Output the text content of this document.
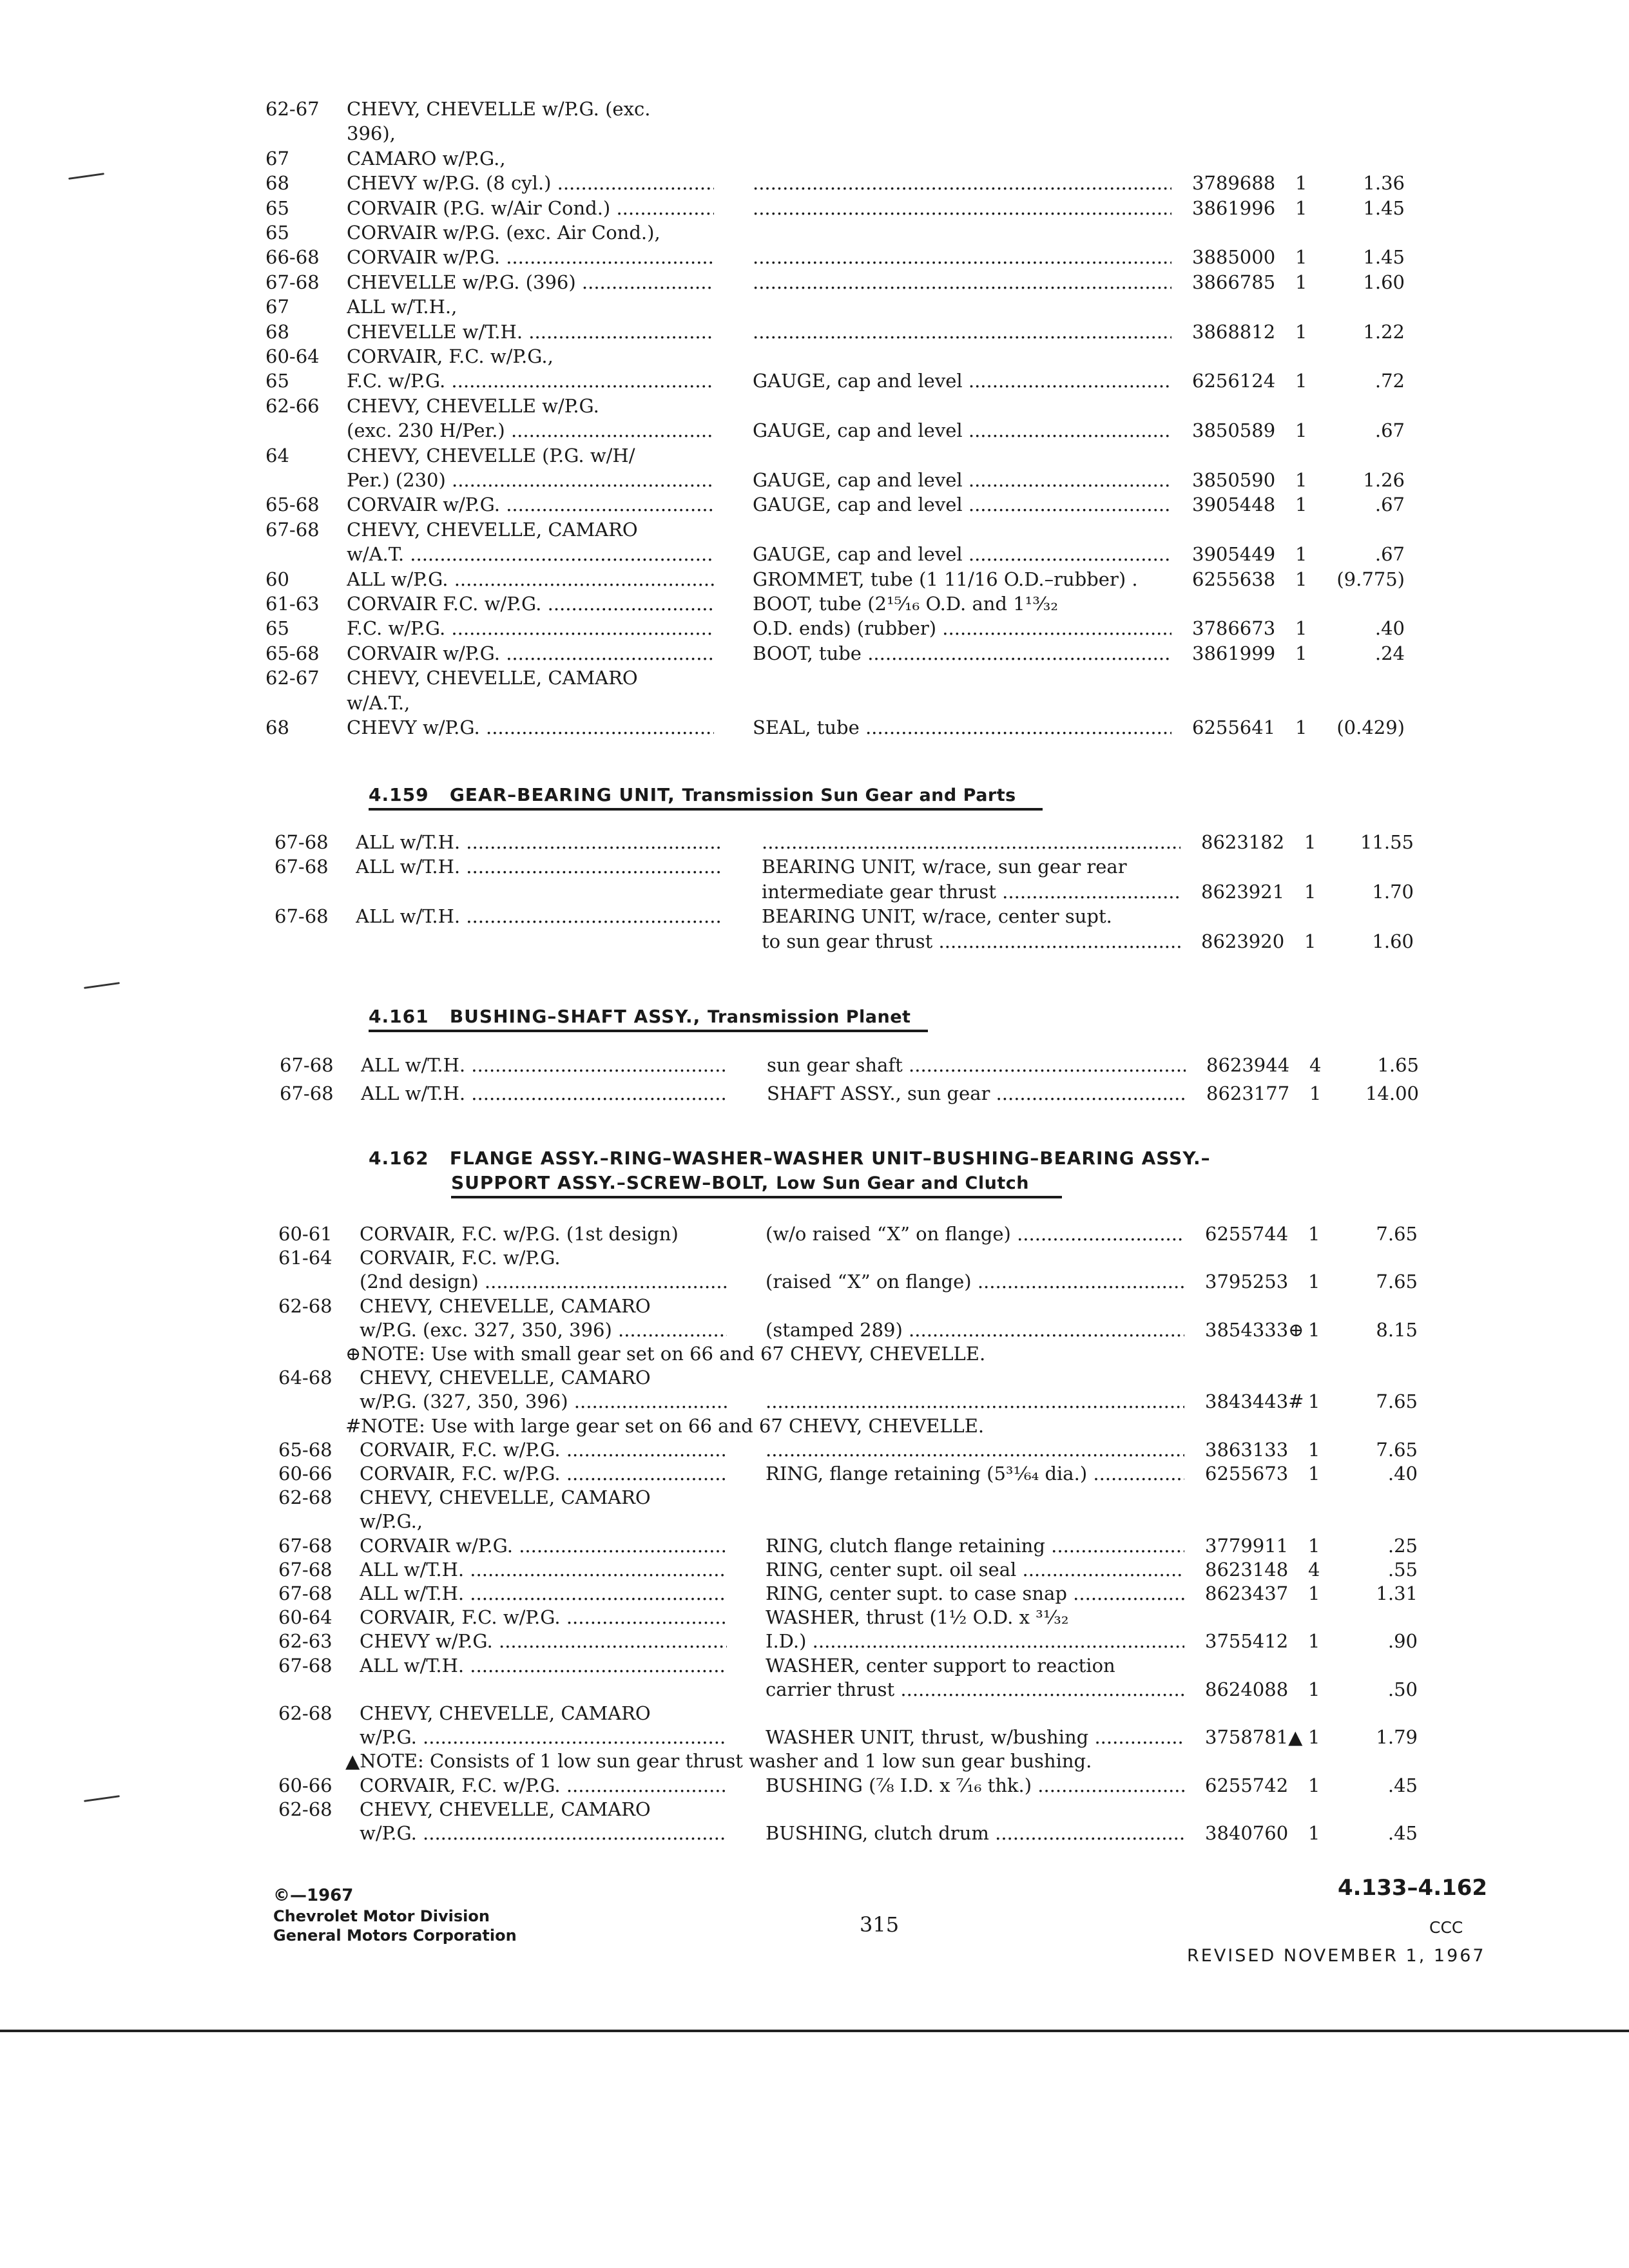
62-67 CHEVY, CHEVELLE w/P.G. (exc.
396),
67	CAMARO w/P.G.,
68	CHEVY w/P.G. (8 cyl.) ..... .....	3789688 1	1.36
65	CORVAIR (P.G. w/Air Cond.) ..... .....	3861996 1	1.45
65	CORVAIR w/P.G. (exc. Air Cond.),
66-68 CORVAIR w/P.G. ..... .....	3885000 1	1.45
67-68 CHEVELLE w/P.G. (396) ..... .....	3866785 1	1.60
67	ALL w/T.H.,
68	CHEVELLE w/T.H. ..... .....	3868812 1	1.22
60-64 CORVAIR, F.C. w/P.G.,
65	F.C. w/P.G. .....	GAUGE, cap and level .....	6256124 1	.72
62-66 CHEVY, CHEVELLE w/P.G.
(exc. 230 H/Per.) .....	GAUGE, cap and level .....	3850589 1	.67
64	CHEVY, CHEVELLE (P.G. w/H/
Per.) (230) .....	GAUGE, cap and level .....	3850590 1	1.26
65-68 CORVAIR w/P.G. .....	GAUGE, cap and level .....	3905448 1	.67
67-68 CHEVY, CHEVELLE, CAMARO
w/A.T. .....	GAUGE, cap and level .....	3905449 1	.67
60	ALL w/P.G. .....	GROMMET, tube (1 11/16 O.D.–rubber) .	6255638 1	(9.775)
61-63 CORVAIR F.C. w/P.G. .....	BOOT, tube (2¹⁵⁄₁₆ O.D. and 1¹³⁄₃₂
65	F.C. w/P.G. .....	O.D. ends) (rubber) .....	3786673 1	.40
65-68 CORVAIR w/P.G. .....	BOOT, tube .....	3861999 1	.24
62-67 CHEVY, CHEVELLE, CAMARO
w/A.T.,
68	CHEVY w/P.G. .....	SEAL, tube .....	6255641 1	(0.429)
4.159 GEAR–BEARING UNIT, Transmission Sun Gear and Parts
67-68 ALL w/T.H. ..... .....	8623182 1	11.55
67-68 ALL w/T.H. .....	BEARING UNIT, w/race, sun gear rear
intermediate gear thrust .....	8623921 1	1.70
67-68 ALL w/T.H. .....	BEARING UNIT, w/race, center supt.
to sun gear thrust .....	8623920 1	1.60
4.161 BUSHING–SHAFT ASSY., Transmission Planet
67-68 ALL w/T.H. .....	sun gear shaft .....	8623944 4	1.65
67-68 ALL w/T.H. .....	SHAFT ASSY., sun gear .....	8623177 1	14.00
4.162 FLANGE ASSY.–RING–WASHER–WASHER UNIT–BUSHING–BEARING ASSY.–
SUPPORT ASSY.–SCREW–BOLT, Low Sun Gear and Clutch
60-61 CORVAIR, F.C. w/P.G. (1st design)	(w/o raised “X” on flange) .....	6255744 1	7.65
61-64 CORVAIR, F.C. w/P.G.
(2nd design) .....	(raised “X” on flange) .....	3795253 1	7.65
62-68 CHEVY, CHEVELLE, CAMARO
w/P.G. (exc. 327, 350, 396) .....	(stamped 289) .....	3854333⊕ 1	8.15
⊕NOTE: Use with small gear set on 66 and 67 CHEVY, CHEVELLE.
64-68 CHEVY, CHEVELLE, CAMARO
w/P.G. (327, 350, 396) ..... .....	3843443# 1	7.65
#NOTE: Use with large gear set on 66 and 67 CHEVY, CHEVELLE.
65-68 CORVAIR, F.C. w/P.G. ..... .....	3863133 1	7.65
60-66 CORVAIR, F.C. w/P.G. .....	RING, flange retaining (5³¹⁄₆₄ dia.) .....	6255673 1	.40
62-68 CHEVY, CHEVELLE, CAMARO
w/P.G.,
67-68 CORVAIR w/P.G. .....	RING, clutch flange retaining .....	3779911 1	.25
67-68 ALL w/T.H. .....	RING, center supt. oil seal .....	8623148 4	.55
67-68 ALL w/T.H. .....	RING, center supt. to case snap .....	8623437 1	1.31
60-64 CORVAIR, F.C. w/P.G. .....	WASHER, thrust (1½ O.D. x ³¹⁄₃₂
62-63 CHEVY w/P.G. .....	I.D.) .....	3755412 1	.90
67-68 ALL w/T.H. .....	WASHER, center support to reaction
carrier thrust .....	8624088 1	.50
62-68 CHEVY, CHEVELLE, CAMARO
w/P.G. .....	WASHER UNIT, thrust, w/bushing .....	3758781▲ 1	1.79
▲NOTE: Consists of 1 low sun gear thrust washer and 1 low sun gear bushing.
60-66 CORVAIR, F.C. w/P.G. .....	BUSHING (⅞ I.D. x ⁷⁄₁₆ thk.) .....	6255742 1	.45
62-68 CHEVY, CHEVELLE, CAMARO
w/P.G. .....	BUSHING, clutch drum .....	3840760 1	.45
©—1967
Chevrolet Motor Division
General Motors Corporation	315
4.133–4.162
CCC
REVISED NOVEMBER 1, 1967
